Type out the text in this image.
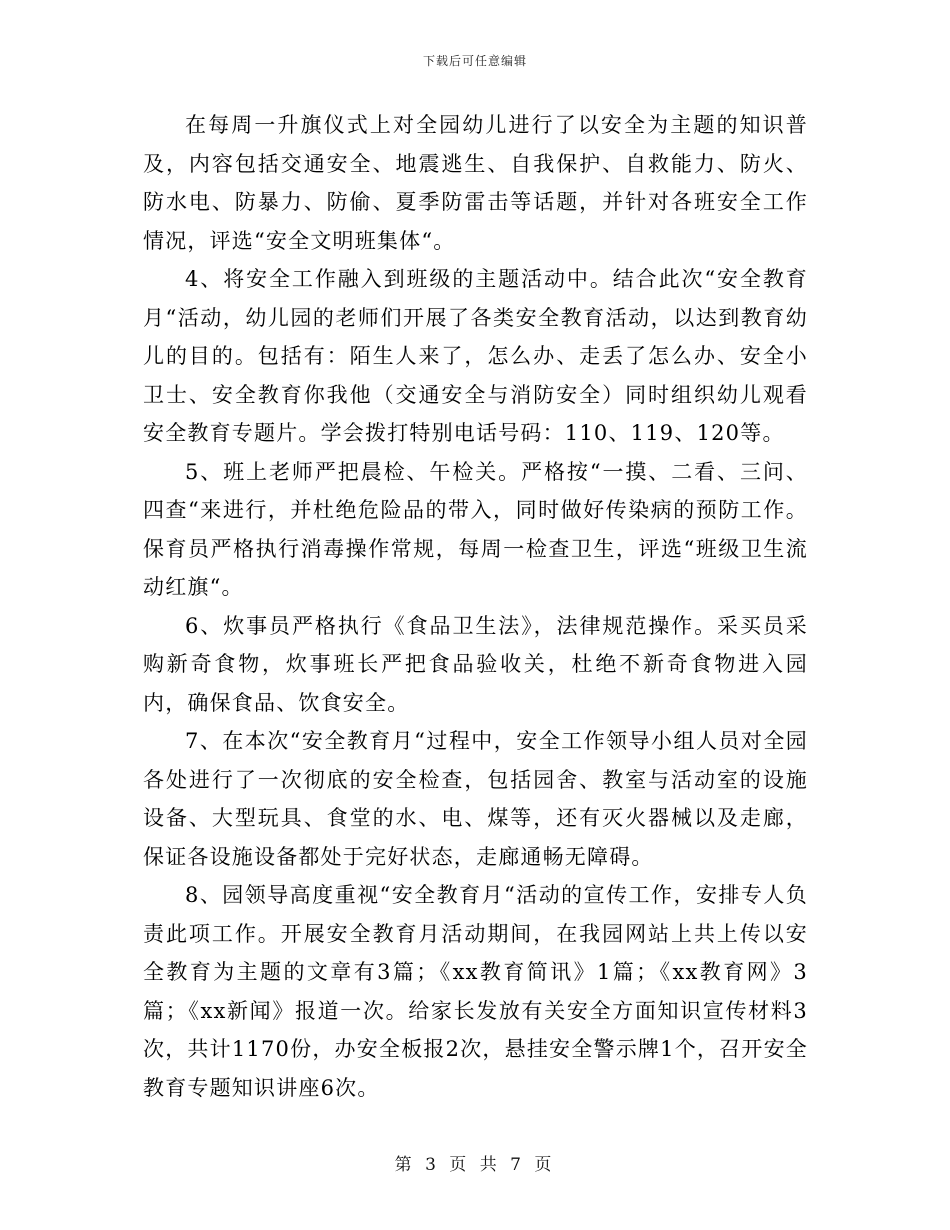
下载后可任意编辑

在每周一升旗仪式上对全园幼儿进行了以安全为主题的知识普及，内容包括交通安全、地震逃生、自我保护、自救能力、防火、防水电、防暴力、防偷、夏季防雷击等话题，并针对各班安全工作情况，评选“安全文明班集体“。

4、将安全工作融入到班级的主题活动中。结合此次“安全教育月“活动，幼儿园的老师们开展了各类安全教育活动，以达到教育幼儿的目的。包括有：陌生人来了，怎么办、走丢了怎么办、安全小卫士、安全教育你我他（交通安全与消防安全）同时组织幼儿观看安全教育专题片。学会拨打特别电话号码：110、119、120等。

5、班上老师严把晨检、午检关。严格按“一摸、二看、三问、四查“来进行，并杜绝危险品的带入，同时做好传染病的预防工作。保育员严格执行消毒操作常规，每周一检查卫生，评选“班级卫生流动红旗“。

6、炊事员严格执行《食品卫生法》，法律规范操作。采买员采购新奇食物，炊事班长严把食品验收关，杜绝不新奇食物进入园内，确保食品、饮食安全。

7、在本次“安全教育月“过程中，安全工作领导小组人员对全园各处进行了一次彻底的安全检查，包括园舍、教室与活动室的设施设备、大型玩具、食堂的水、电、煤等，还有灭火器械以及走廊，保证各设施设备都处于完好状态，走廊通畅无障碍。

8、园领导高度重视“安全教育月“活动的宣传工作，安排专人负责此项工作。开展安全教育月活动期间，在我园网站上共上传以安全教育为主题的文章有3篇；《xx教育简讯》1篇；《xx教育网》3篇；《xx新闻》报道一次。给家长发放有关安全方面知识宣传材料3次，共计1170份，办安全板报2次，悬挂安全警示牌1个，召开安全教育专题知识讲座6次。

第 3 页 共 7 页
